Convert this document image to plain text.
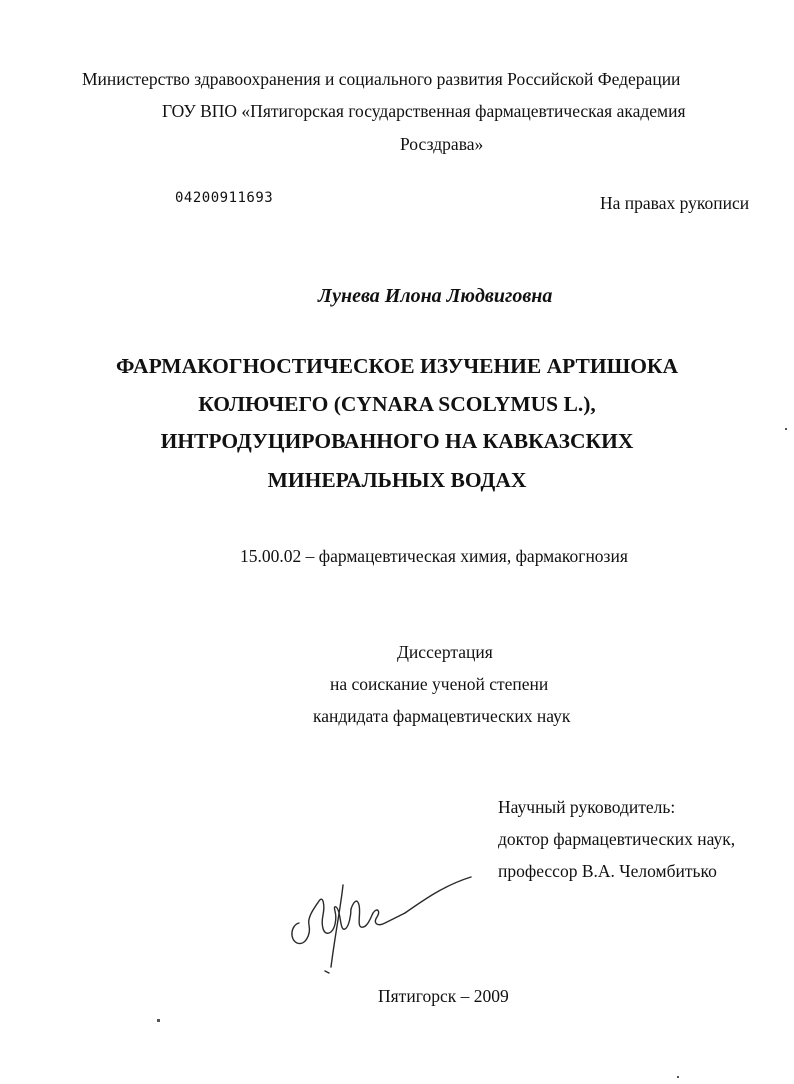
Министерство здравоохранения и социального развития Российской Федерации
ГОУ ВПО «Пятигорская государственная фармацевтическая академия
Росздрава»
04200911693	На правах рукописи
Лунева Илона Людвиговна
ФАРМАКОГНОСТИЧЕСКОЕ ИЗУЧЕНИЕ АРТИШОКА
КОЛЮЧЕГО (CYNARA SCOLYMUS L.),
ИНТРОДУЦИРОВАННОГО НА КАВКАЗСКИХ
МИНЕРАЛЬНЫХ ВОДАХ
15.00.02 – фармацевтическая химия, фармакогнозия
Диссертация
на соискание ученой степени
кандидата фармацевтических наук
Научный руководитель:
доктор фармацевтических наук,
профессор В.А. Челомбитько
Пятигорск – 2009
